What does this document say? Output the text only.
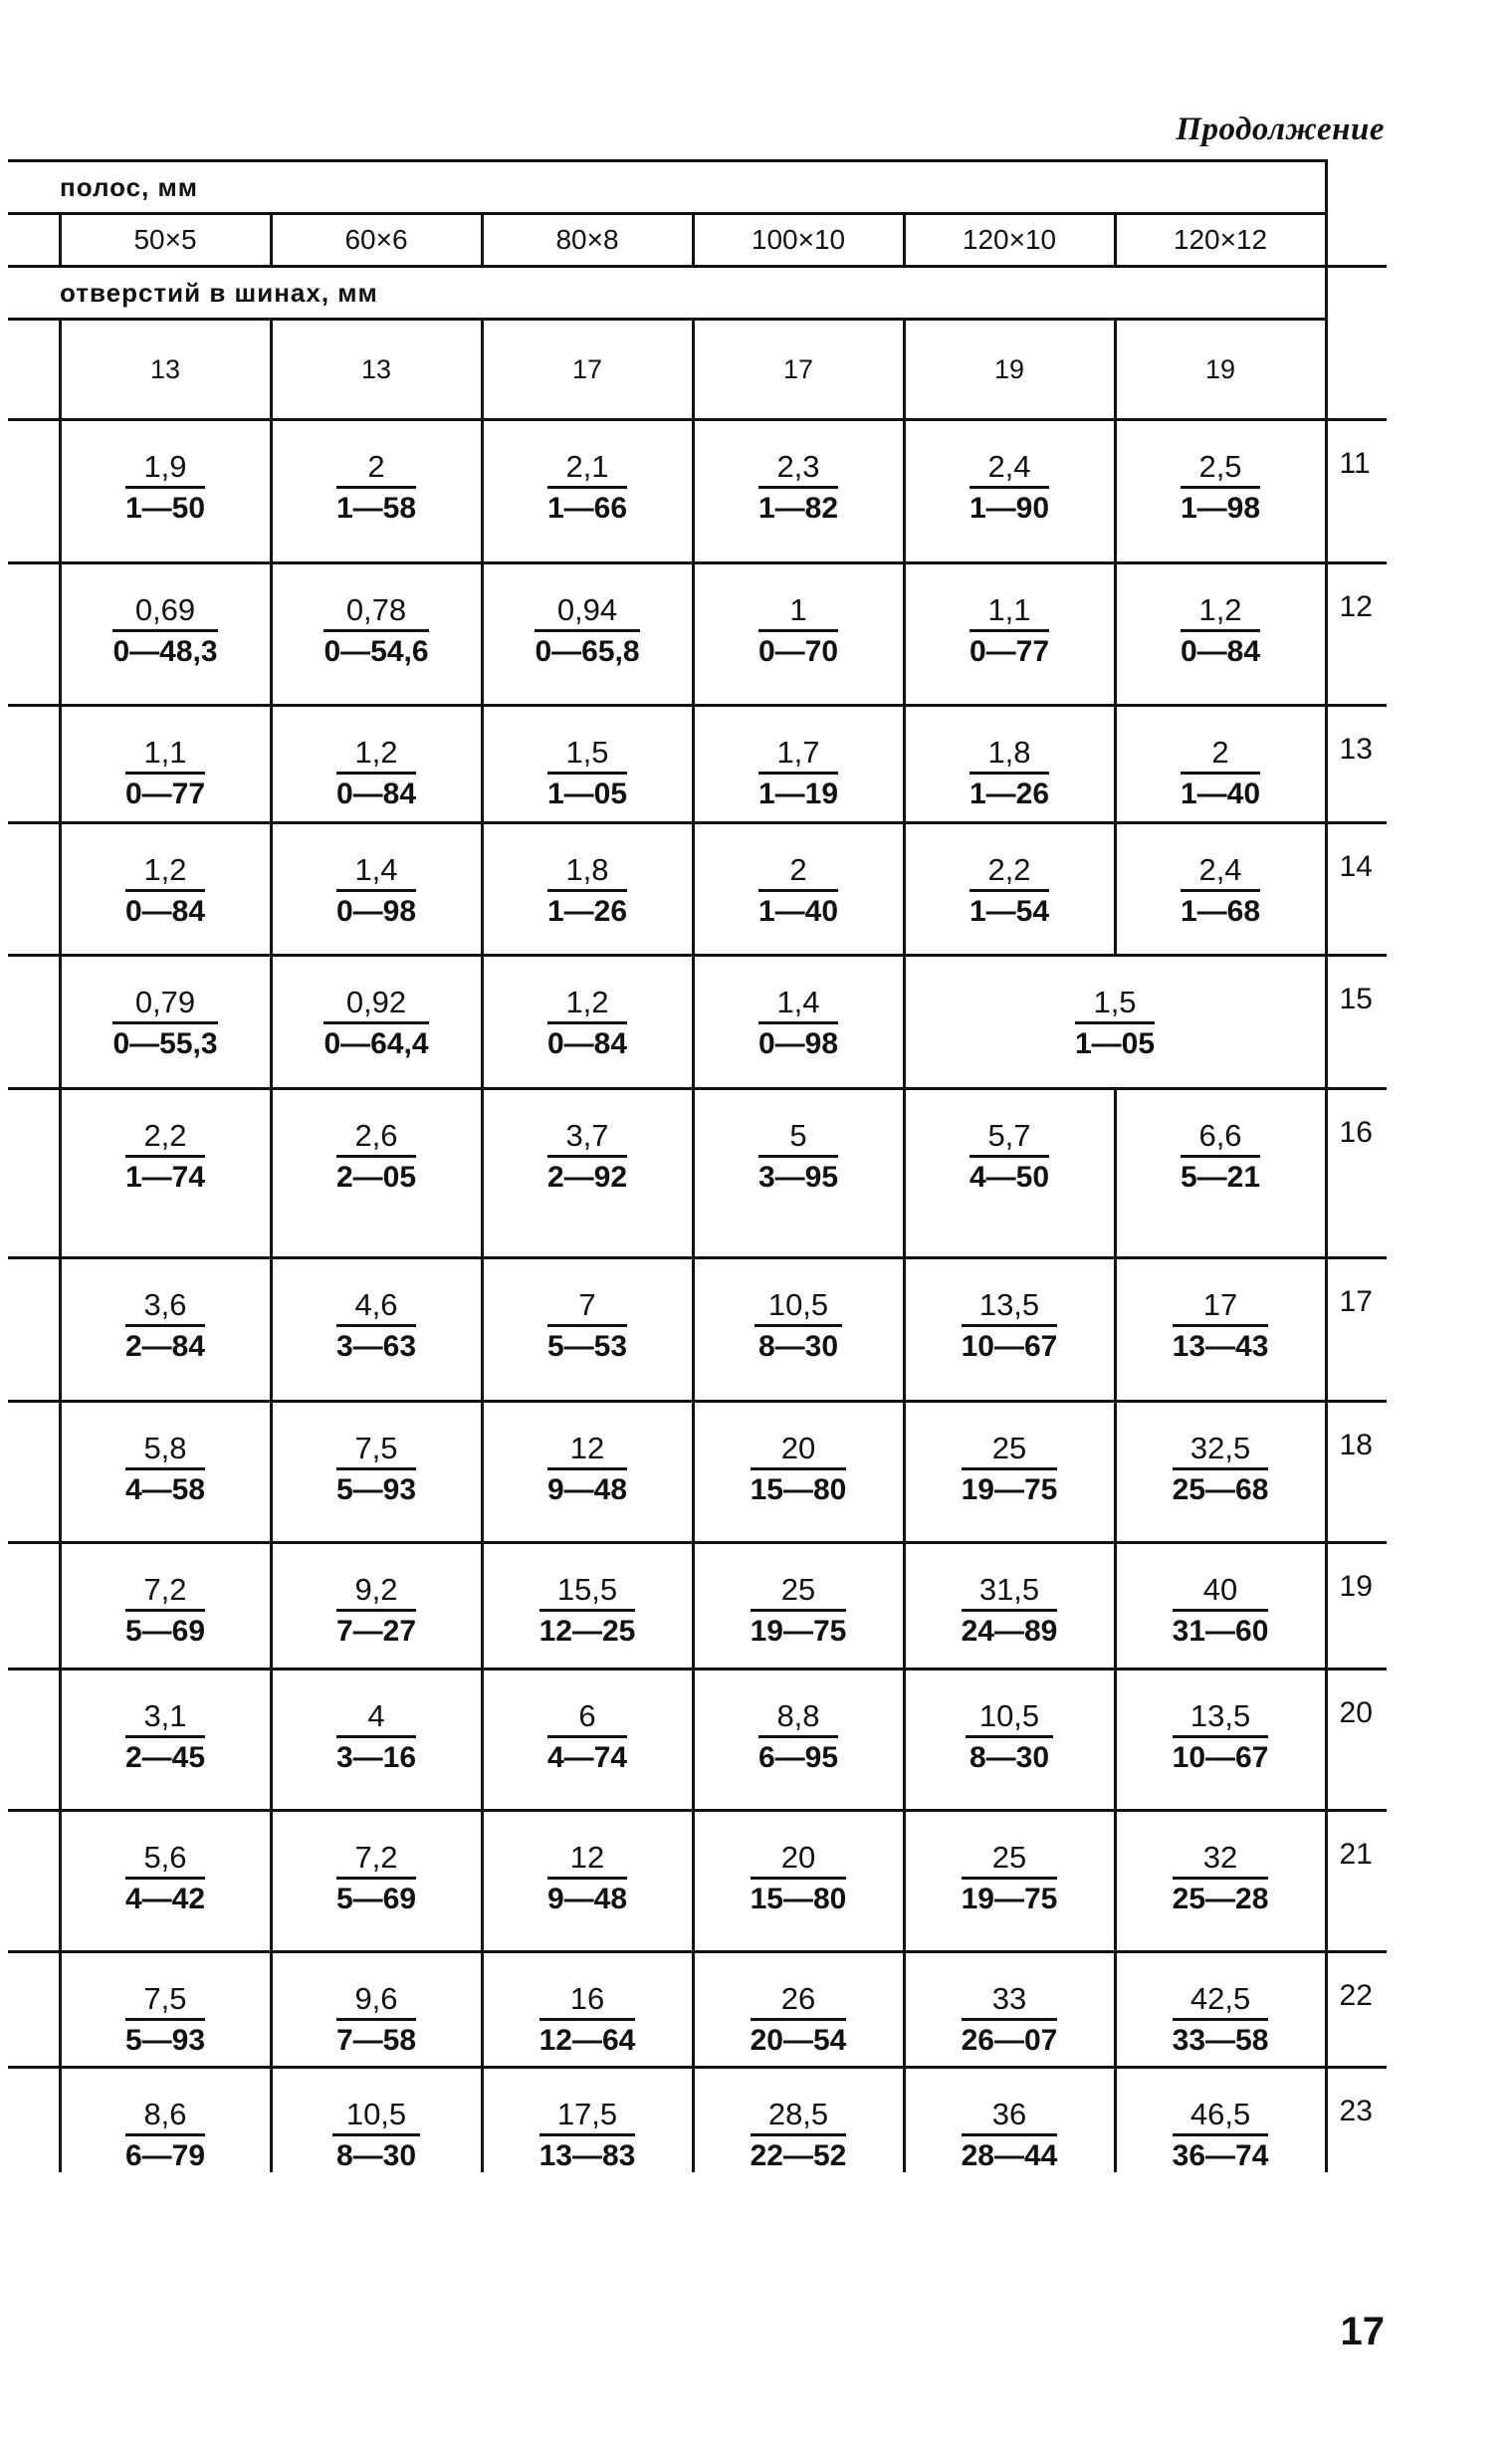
Продолжение
полос, мм							
	50×5	60×6	80×8	100×10	120×10	120×12	
отверстий в шинах, мм							
	13	13	17	17	19	19	

	$\frac{1,9}{1—50}$	$\frac{2}{1—58}$	$\frac{2,1}{1—66}$	$\frac{2,3}{1—82}$	$\frac{2,4}{1—90}$	$\frac{2,5}{1—98}$	11

	$\frac{0,69}{0—48,3}$	$\frac{0,78}{0—54,6}$	$\frac{0,94}{0—65,8}$	$\frac{1}{0—70}$	$\frac{1,1}{0—77}$	$\frac{1,2}{0—84}$	12

	$\frac{1,1}{0—77}$	$\frac{1,2}{0—84}$	$\frac{1,5}{1—05}$	$\frac{1,7}{1—19}$	$\frac{1,8}{1—26}$	$\frac{2}{1—40}$	13

	$\frac{1,2}{0—84}$	$\frac{1,4}{0—98}$	$\frac{1,8}{1—26}$	$\frac{2}{1—40}$	$\frac{2,2}{1—54}$	$\frac{2,4}{1—68}$	14

	$\frac{0,79}{0—55,3}$	$\frac{0,92}{0—64,4}$	$\frac{1,2}{0—84}$	$\frac{1,4}{0—98}$	$\frac{1,5}{1—05}$		15

	$\frac{2,2}{1—74}$	$\frac{2,6}{2—05}$	$\frac{3,7}{2—92}$	$\frac{5}{3—95}$	$\frac{5,7}{4—50}$	$\frac{6,6}{5—21}$	16

	$\frac{3,6}{2—84}$	$\frac{4,6}{3—63}$	$\frac{7}{5—53}$	$\frac{10,5}{8—30}$	$\frac{13,5}{10—67}$	$\frac{17}{13—43}$	17

	$\frac{5,8}{4—58}$	$\frac{7,5}{5—93}$	$\frac{12}{9—48}$	$\frac{20}{15—80}$	$\frac{25}{19—75}$	$\frac{32,5}{25—68}$	18

	$\frac{7,2}{5—69}$	$\frac{9,2}{7—27}$	$\frac{15,5}{12—25}$	$\frac{25}{19—75}$	$\frac{31,5}{24—89}$	$\frac{40}{31—60}$	19

	$\frac{3,1}{2—45}$	$\frac{4}{3—16}$	$\frac{6}{4—74}$	$\frac{8,8}{6—95}$	$\frac{10,5}{8—30}$	$\frac{13,5}{10—67}$	20

	$\frac{5,6}{4—42}$	$\frac{7,2}{5—69}$	$\frac{12}{9—48}$	$\frac{20}{15—80}$	$\frac{25}{19—75}$	$\frac{32}{25—28}$	21

	$\frac{7,5}{5—93}$	$\frac{9,6}{7—58}$	$\frac{16}{12—64}$	$\frac{26}{20—54}$	$\frac{33}{26—07}$	$\frac{42,5}{33—58}$	22

	$\frac{8,6}{6—79}$	$\frac{10,5}{8—30}$	$\frac{17,5}{13—83}$	$\frac{28,5}{22—52}$	$\frac{36}{28—44}$	$\frac{46,5}{36—74}$	23
17
